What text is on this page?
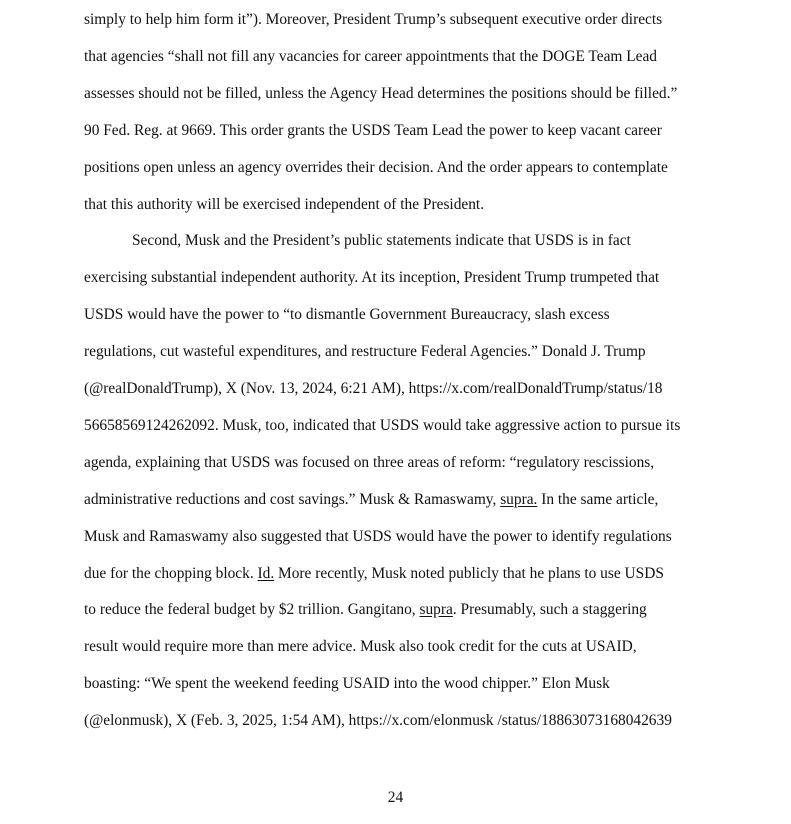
simply to help him form it”). Moreover, President Trump’s subsequent executive order directs
that agencies “shall not fill any vacancies for career appointments that the DOGE Team Lead
assesses should not be filled, unless the Agency Head determines the positions should be filled.”
90 Fed. Reg. at 9669. This order grants the USDS Team Lead the power to keep vacant career
positions open unless an agency overrides their decision. And the order appears to contemplate
that this authority will be exercised independent of the President.
Second, Musk and the President’s public statements indicate that USDS is in fact
exercising substantial independent authority. At its inception, President Trump trumpeted that
USDS would have the power to “to dismantle Government Bureaucracy, slash excess
regulations, cut wasteful expenditures, and restructure Federal Agencies.” Donald J. Trump
(@realDonaldTrump), X (Nov. 13, 2024, 6:21 AM), https://x.com/realDonaldTrump/status/18
56658569124262092. Musk, too, indicated that USDS would take aggressive action to pursue its
agenda, explaining that USDS was focused on three areas of reform: “regulatory rescissions,
administrative reductions and cost savings.” Musk & Ramaswamy, supra. In the same article,
Musk and Ramaswamy also suggested that USDS would have the power to identify regulations
due for the chopping block. Id. More recently, Musk noted publicly that he plans to use USDS
to reduce the federal budget by $2 trillion. Gangitano, supra. Presumably, such a staggering
result would require more than mere advice. Musk also took credit for the cuts at USAID,
boasting: “We spent the weekend feeding USAID into the wood chipper.” Elon Musk
(@elonmusk), X (Feb. 3, 2025, 1:54 AM), https://x.com/elonmusk /status/18863073168042639
24
